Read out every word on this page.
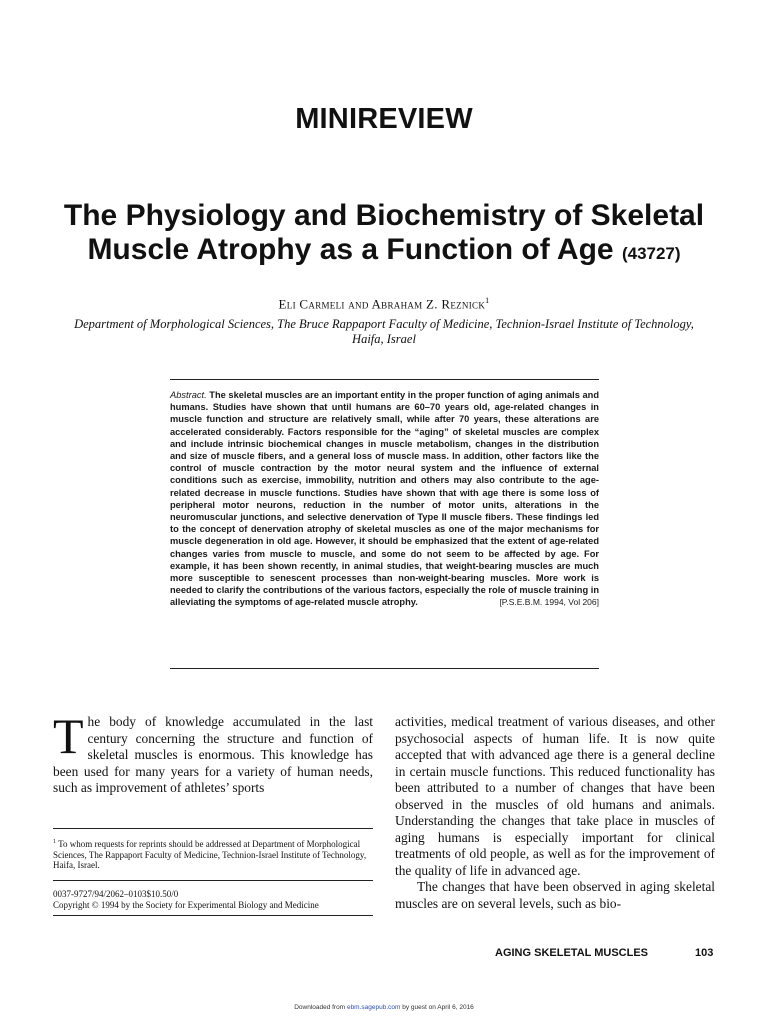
MINIREVIEW
The Physiology and Biochemistry of Skeletal Muscle Atrophy as a Function of Age (43727)
Eli Carmeli and Abraham Z. Reznick$^1$
Department of Morphological Sciences, The Bruce Rappaport Faculty of Medicine, Technion-Israel Institute of Technology, Haifa, Israel
Abstract. The skeletal muscles are an important entity in the proper function of aging animals and humans. Studies have shown that until humans are 60–70 years old, age-related changes in muscle function and structure are relatively small, while after 70 years, these alterations are accelerated considerably. Factors responsible for the “aging” of skeletal muscles are complex and include intrinsic biochemical changes in muscle metabolism, changes in the distribution and size of muscle fibers, and a general loss of muscle mass. In addition, other factors like the control of muscle contraction by the motor neural system and the influence of external conditions such as exercise, immobility, nutrition and others may also contribute to the age-related decrease in muscle functions. Studies have shown that with age there is some loss of peripheral motor neurons, reduction in the number of motor units, alterations in the neuromuscular junctions, and selective denervation of Type II muscle fibers. These findings led to the concept of denervation atrophy of skeletal muscles as one of the major mechanisms for muscle degeneration in old age. However, it should be emphasized that the extent of age-related changes varies from muscle to muscle, and some do not seem to be affected by age. For example, it has been shown recently, in animal studies, that weight-bearing muscles are much more susceptible to senescent processes than non-weight-bearing muscles. More work is needed to clarify the contributions of the various factors, especially the role of muscle training in alleviating the symptoms of age-related muscle atrophy.	[P.S.E.B.M. 1994, Vol 206]
The body of knowledge accumulated in the last century concerning the structure and function of skeletal muscles is enormous. This knowledge has been used for many years for a variety of human needs, such as improvement of athletes’ sports
$^1$ To whom requests for reprints should be addressed at Department of Morphological Sciences, The Rappaport Faculty of Medicine, Technion-Israel Institute of Technology, Haifa, Israel.
0037-9727/94/2062–0103$10.50/0
Copyright © 1994 by the Society for Experimental Biology and Medicine
activities, medical treatment of various diseases, and other psychosocial aspects of human life. It is now quite accepted that with advanced age there is a general decline in certain muscle functions. This reduced functionality has been attributed to a number of changes that have been observed in the muscles of old humans and animals. Understanding the changes that take place in muscles of aging humans is especially important for clinical treatments of old people, as well as for the improvement of the quality of life in advanced age.
The changes that have been observed in aging skeletal muscles are on several levels, such as bio-
AGING SKELETAL MUSCLES	103
Downloaded from ebm.sagepub.com by guest on April 6, 2016
